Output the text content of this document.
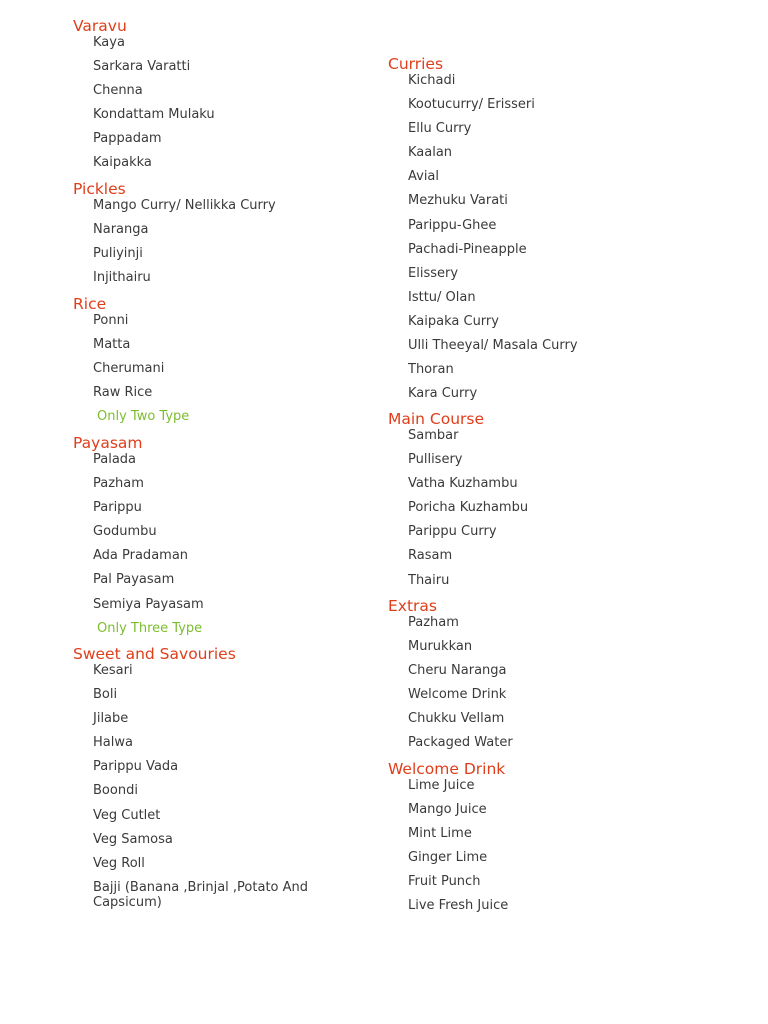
Varavu
Kaya
Sarkara Varatti
Chenna
Kondattam Mulaku
Pappadam
Kaipakka
Pickles
Mango Curry/ Nellikka Curry
Naranga
Puliyinji
Injithairu
Rice
Ponni
Matta
Cherumani
Raw Rice

Only Two Type

Payasam
Palada
Pazham
Parippu
Godumbu
Ada Pradaman
Pal Payasam
Semiya Payasam

Only Three Type

Sweet and Savouries
Kesari
Boli
Jilabe
Halwa
Parippu Vada
Boondi
Veg Cutlet
Veg Samosa
Veg Roll
Bajji (Banana ,Brinjal ,Potato And Capsicum)
Curries
Kichadi
Kootucurry/ Erisseri
Ellu Curry
Kaalan
Avial
Mezhuku Varati
Parippu-Ghee
Pachadi-Pineapple
Elissery
Isttu/ Olan
Kaipaka Curry
Ulli Theeyal/ Masala Curry
Thoran
Kara Curry
Main Course
Sambar
Pullisery
Vatha Kuzhambu
Poricha Kuzhambu
Parippu Curry
Rasam
Thairu
Extras
Pazham
Murukkan
Cheru Naranga
Welcome Drink
Chukku Vellam
Packaged Water
Welcome Drink
Lime Juice
Mango Juice
Mint Lime
Ginger Lime
Fruit Punch
Live Fresh Juice
